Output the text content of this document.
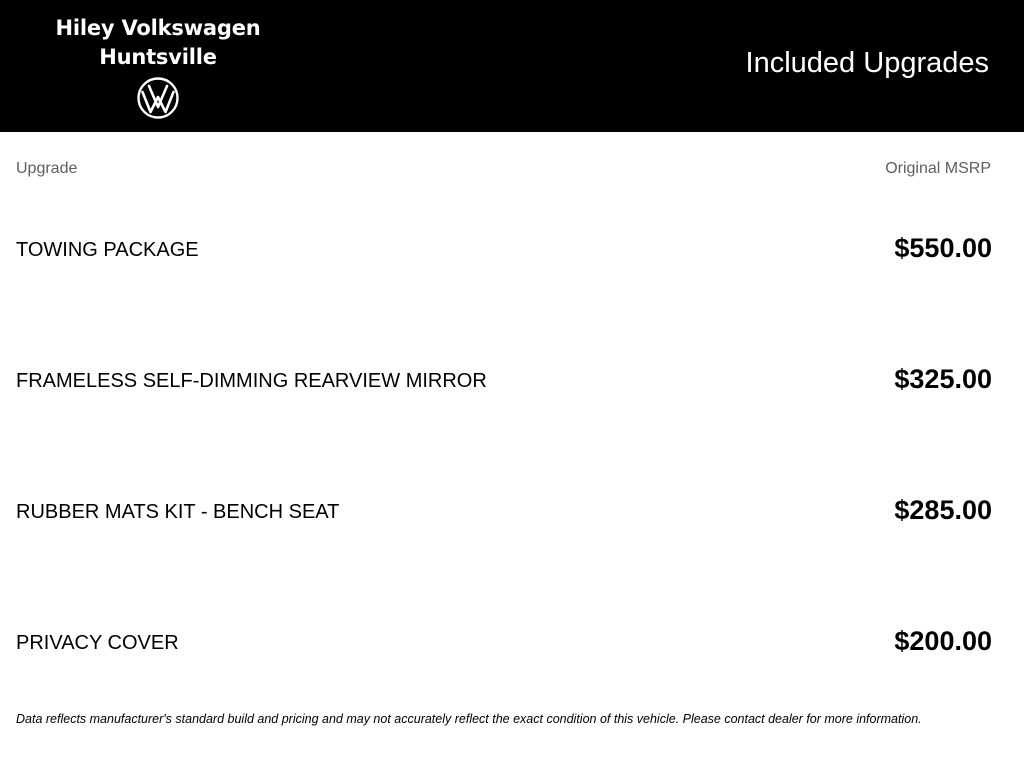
Hiley Volkswagen
Huntsville	Included Upgrades
Upgrade	Original MSRP
TOWING PACKAGE	$550.00
FRAMELESS SELF-DIMMING REARVIEW MIRROR	$325.00
RUBBER MATS KIT - BENCH SEAT	$285.00
PRIVACY COVER	$200.00
Data reflects manufacturer's standard build and pricing and may not accurately reflect the exact condition of this vehicle. Please contact dealer for more information.
